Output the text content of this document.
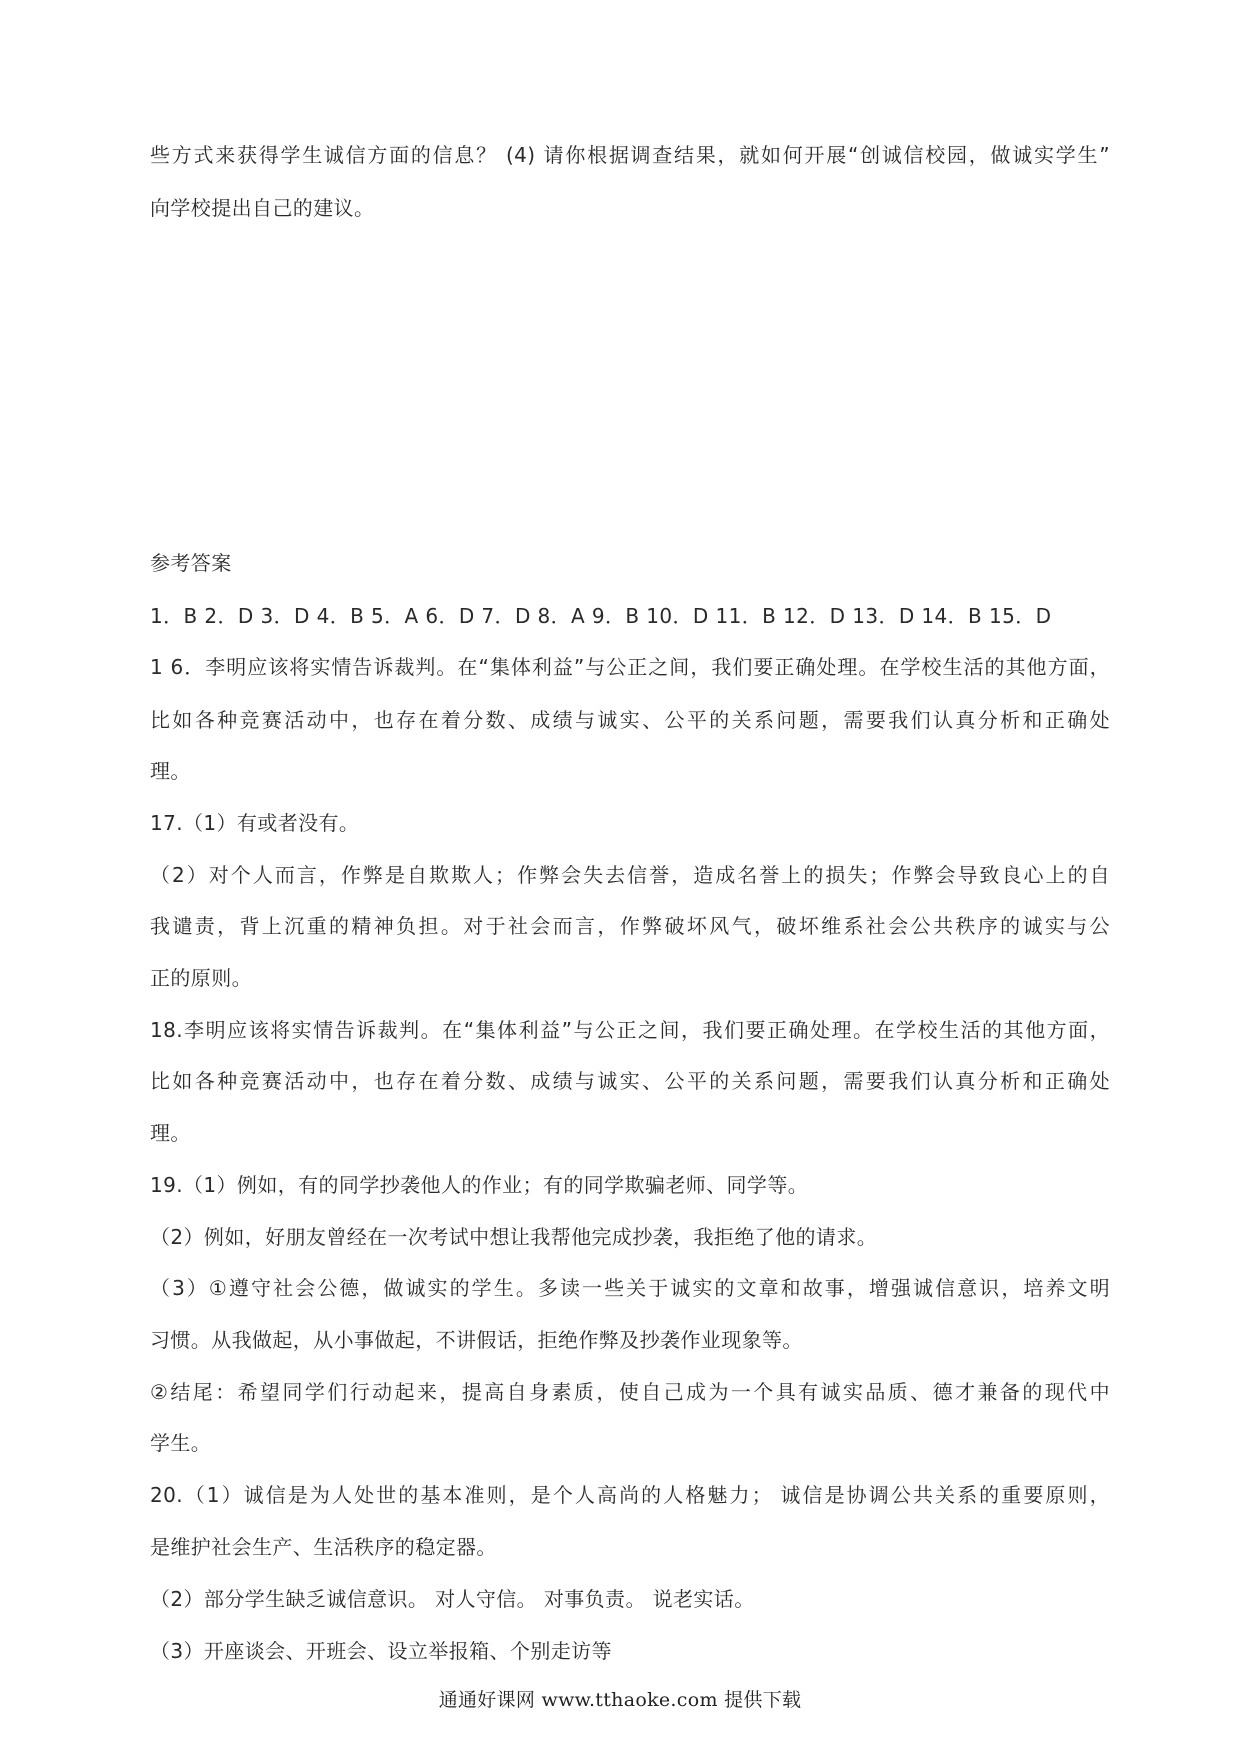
些方式来获得学生诚信方面的信息？ (4) 请你根据调查结果，就如何开展“创诚信校园，做诚实学生”
向学校提出自己的建议。
参考答案
1．B 2．D 3．D 4．B 5．A 6．D 7．D 8．A 9．B 10．D 11．B 12．D 13．D 14．B 15．D
1 6．李明应该将实情告诉裁判。在“集体利益”与公正之间，我们要正确处理。在学校生活的其他方面，
比如各种竞赛活动中，也存在着分数、成绩与诚实、公平的关系问题，需要我们认真分析和正确处
理。
17.（1）有或者没有。
（2）对个人而言，作弊是自欺欺人；作弊会失去信誉，造成名誉上的损失；作弊会导致良心上的自
我谴责，背上沉重的精神负担。对于社会而言，作弊破坏风气，破坏维系社会公共秩序的诚实与公
正的原则。
18.李明应该将实情告诉裁判。在“集体利益”与公正之间，我们要正确处理。在学校生活的其他方面，
比如各种竞赛活动中，也存在着分数、成绩与诚实、公平的关系问题，需要我们认真分析和正确处
理。
19.（1）例如，有的同学抄袭他人的作业；有的同学欺骗老师、同学等。
（2）例如，好朋友曾经在一次考试中想让我帮他完成抄袭，我拒绝了他的请求。
（3）①遵守社会公德，做诚实的学生。多读一些关于诚实的文章和故事，增强诚信意识，培养文明
习惯。从我做起，从小事做起，不讲假话，拒绝作弊及抄袭作业现象等。
②结尾：希望同学们行动起来，提高自身素质，使自己成为一个具有诚实品质、德才兼备的现代中
学生。
20.（1）诚信是为人处世的基本准则，是个人高尚的人格魅力； 诚信是协调公共关系的重要原则，
是维护社会生产、生活秩序的稳定器。
（2）部分学生缺乏诚信意识。 对人守信。 对事负责。 说老实话。
（3）开座谈会、开班会、设立举报箱、个别走访等
通通好课网 www.tthaoke.com 提供下载
